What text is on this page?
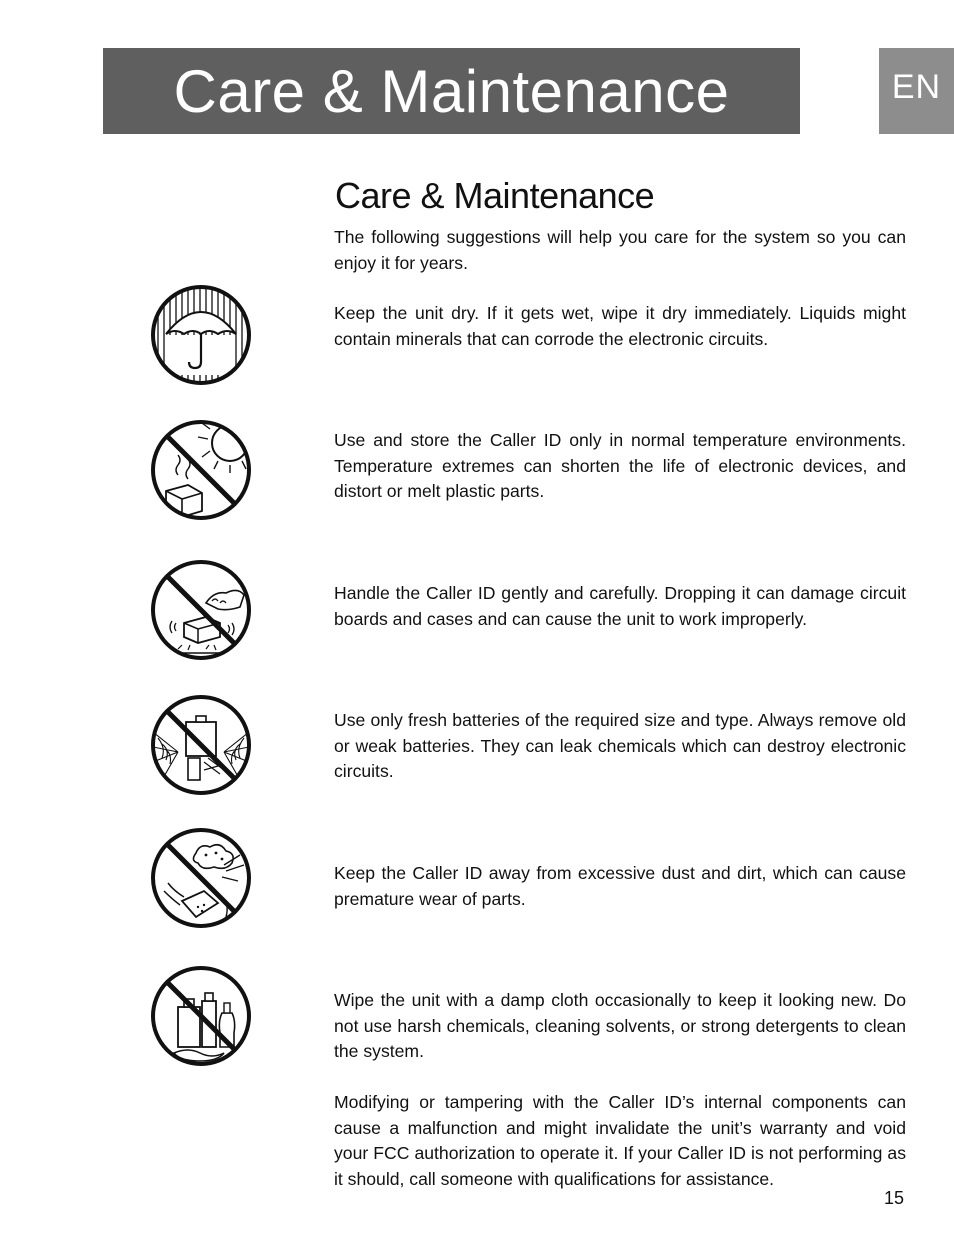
Care & Maintenance	EN
Care & Maintenance

The following suggestions will help you care for the system so you can enjoy it for years.

Keep the unit dry. If it gets wet, wipe it dry immediately. Liquids might contain minerals that can corrode the electronic circuits.

Use and store the Caller ID only in normal temperature environments. Temperature extremes can shorten the life of electronic devices, and distort or melt plastic parts.

Handle the Caller ID gently and carefully. Dropping it can damage circuit boards and cases and can cause the unit to work improperly.

Use only fresh batteries of the required size and type. Always remove old or weak batteries. They can leak chemicals which can destroy electronic circuits.

Keep the Caller ID away from excessive dust and dirt, which can cause premature wear of parts.

Wipe the unit with a damp cloth occasionally to keep it looking new. Do not use harsh chemicals, cleaning solvents, or strong detergents to clean the system.

Modifying or tampering with the Caller ID’s internal components can cause a malfunction and might invalidate the unit’s warranty and void your FCC authorization to operate it. If your Caller ID is not performing as it should, call someone with qualifications for assistance.

15
